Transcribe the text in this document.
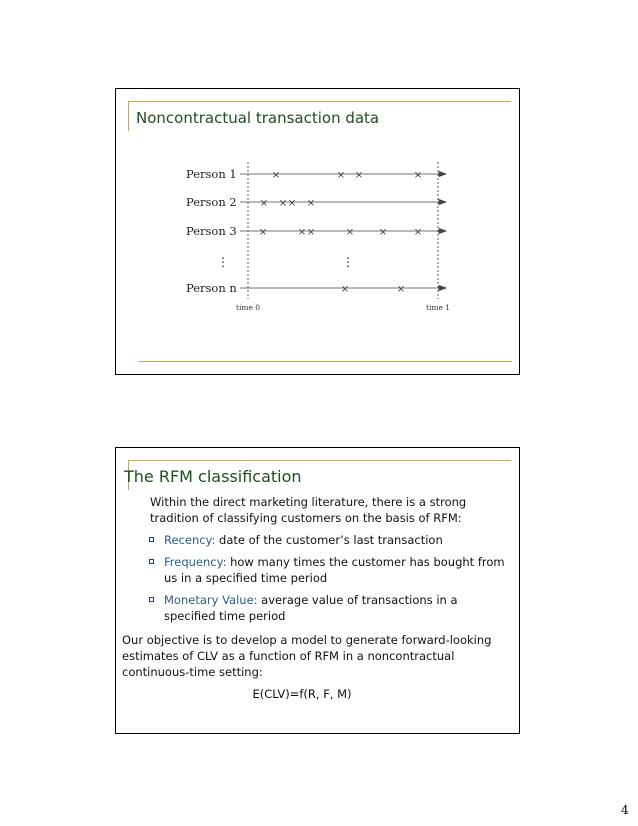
Noncontractual transaction data
Person 1
Person 2
Person 3
Person n
⋮	⋮
×	× ×	×
× × × ×
×	× ×	× ×	×
×	×
time 0	time 1
The RFM classification
Within the direct marketing literature, there is a strong tradition of classifying customers on the basis of RFM:
Recency: date of the customer’s last transaction
Frequency: how many times the customer has bought from us in a specified time period
Monetary Value: average value of transactions in a specified time period
Our objective is to develop a model to generate forward-looking estimates of CLV as a function of RFM in a noncontractual continuous-time setting:
E(CLV)=f(R, F, M)
4
